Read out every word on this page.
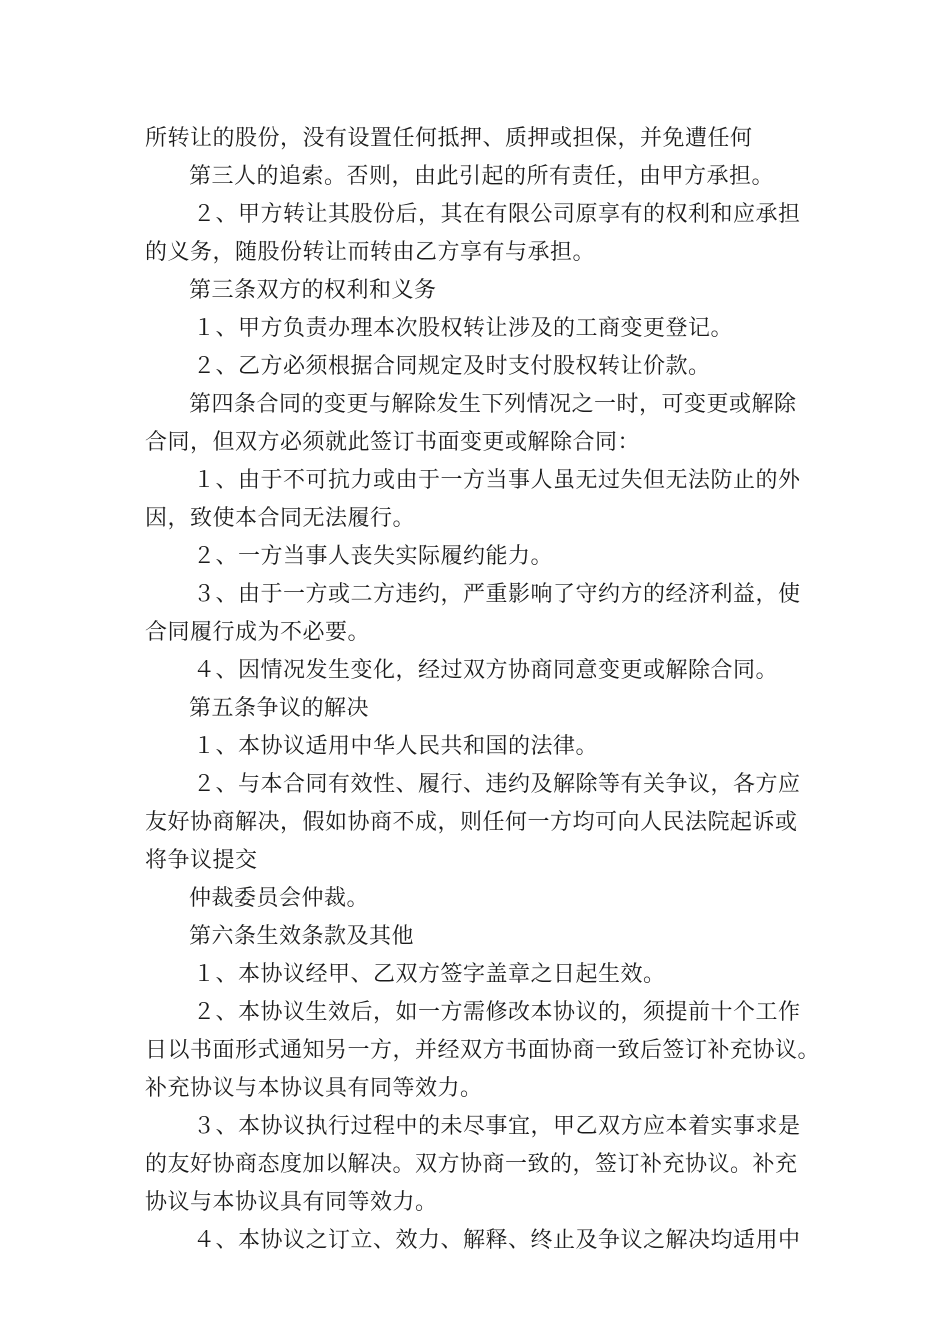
所转让的股份，没有设置任何抵押、质押或担保，并免遭任何
第三人的追索。否则，由此引起的所有责任，由甲方承担。
２、甲方转让其股份后，其在有限公司原享有的权利和应承担
的义务，随股份转让而转由乙方享有与承担。
第三条双方的权利和义务
１、甲方负责办理本次股权转让涉及的工商变更登记。
２、乙方必须根据合同规定及时支付股权转让价款。
第四条合同的变更与解除发生下列情况之一时，可变更或解除
合同，但双方必须就此签订书面变更或解除合同：
１、由于不可抗力或由于一方当事人虽无过失但无法防止的外
因，致使本合同无法履行。
２、一方当事人丧失实际履约能力。
３、由于一方或二方违约，严重影响了守约方的经济利益，使
合同履行成为不必要。
４、因情况发生变化，经过双方协商同意变更或解除合同。
第五条争议的解决
１、本协议适用中华人民共和国的法律。
２、与本合同有效性、履行、违约及解除等有关争议，各方应
友好协商解决，假如协商不成，则任何一方均可向人民法院起诉或
将争议提交
仲裁委员会仲裁。
第六条生效条款及其他
１、本协议经甲、乙双方签字盖章之日起生效。
２、本协议生效后，如一方需修改本协议的，须提前十个工作
日以书面形式通知另一方，并经双方书面协商一致后签订补充协议。
补充协议与本协议具有同等效力。
３、本协议执行过程中的未尽事宜，甲乙双方应本着实事求是
的友好协商态度加以解决。双方协商一致的，签订补充协议。补充
协议与本协议具有同等效力。
４、本协议之订立、效力、解释、终止及争议之解决均适用中
